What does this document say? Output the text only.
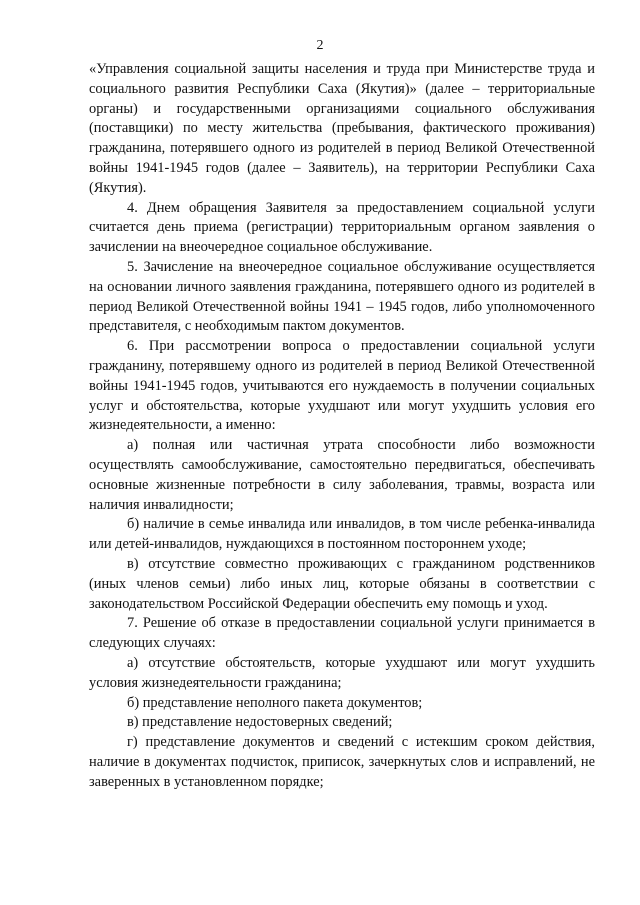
2

«Управления социальной защиты населения и труда при Министерстве труда и социального развития Республики Саха (Якутия)» (далее – территориальные органы) и государственными организациями социального обслуживания (поставщики) по месту жительства (пребывания, фактического проживания) гражданина, потерявшего одного из родителей в период Великой Отечественной войны 1941-1945 годов (далее – Заявитель), на территории Республики Саха (Якутия).

4. Днем обращения Заявителя за предоставлением социальной услуги считается день приема (регистрации) территориальным органом заявления о зачислении на внеочередное социальное обслуживание.

5. Зачисление на внеочередное социальное обслуживание осуществляется на основании личного заявления гражданина, потерявшего одного из родителей в период Великой Отечественной войны 1941 – 1945 годов, либо уполномоченного представителя, с необходимым пактом документов.

6. При рассмотрении вопроса о предоставлении социальной услуги гражданину, потерявшему одного из родителей в период Великой Отечественной войны 1941-1945 годов, учитываются его нуждаемость в получении социальных услуг и обстоятельства, которые ухудшают или могут ухудшить условия его жизнедеятельности, а именно:

а) полная или частичная утрата способности либо возможности осуществлять самообслуживание, самостоятельно передвигаться, обеспечивать основные жизненные потребности в силу заболевания, травмы, возраста или наличия инвалидности;

б) наличие в семье инвалида или инвалидов, в том числе ребенка-инвалида или детей-инвалидов, нуждающихся в постоянном постороннем уходе;

в) отсутствие совместно проживающих с гражданином родственников (иных членов семьи) либо иных лиц, которые обязаны в соответствии с законодательством Российской Федерации обеспечить ему помощь и уход.

7. Решение об отказе в предоставлении социальной услуги принимается в следующих случаях:

а) отсутствие обстоятельств, которые ухудшают или могут ухудшить условия жизнедеятельности гражданина;

б) представление неполного пакета документов;

в) представление недостоверных сведений;

г) представление документов и сведений с истекшим сроком действия, наличие в документах подчисток, приписок, зачеркнутых слов и исправлений, не заверенных в установленном порядке;
